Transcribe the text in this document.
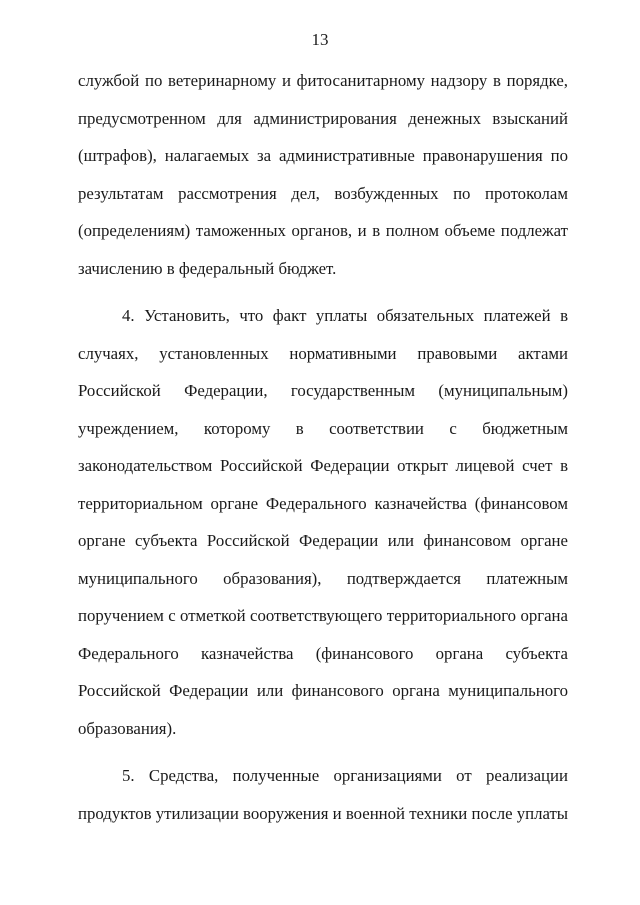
13
службой по ветеринарному и фитосанитарному надзору в порядке,
предусмотренном для администрирования денежных взысканий
(штрафов), налагаемых за административные правонарушения по
результатам рассмотрения дел, возбужденных по протоколам
(определениям) таможенных органов, и в полном объеме подлежат
зачислению в федеральный бюджет.
4. Установить, что факт уплаты обязательных платежей в
случаях, установленных нормативными правовыми актами
Российской Федерации, государственным (муниципальным)
учреждением, которому в соответствии с бюджетным
законодательством Российской Федерации открыт лицевой счет в
территориальном органе Федерального казначейства (финансовом
органе субъекта Российской Федерации или финансовом органе
муниципального образования), подтверждается платежным
поручением с отметкой соответствующего территориального органа
Федерального казначейства (финансового органа субъекта
Российской Федерации или финансового органа муниципального
образования).
5. Средства, полученные организациями от реализации
продуктов утилизации вооружения и военной техники после уплаты
